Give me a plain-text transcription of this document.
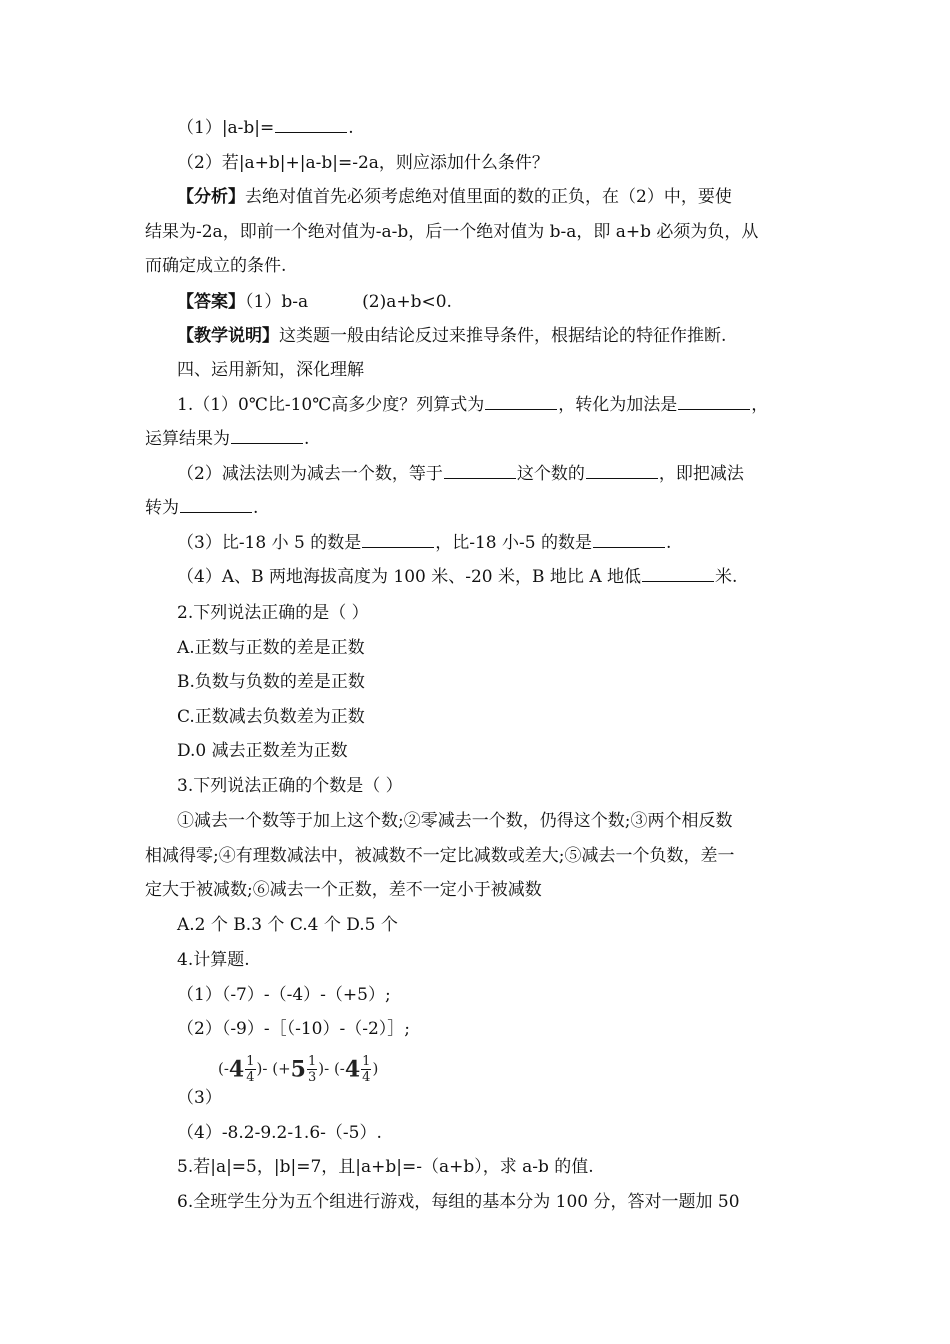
（1）|a-b|=	.
（2）若|a+b|+|a-b|=-2a，则应添加什么条件？
【分析】去绝对值首先必须考虑绝对值里面的数的正负，在（2）中，要使
结果为-2a，即前一个绝对值为-a-b，后一个绝对值为 b-a，即 a+b 必须为负，从
而确定成立的条件.
【答案】（1）b-a          (2)a+b<0.
【教学说明】这类题一般由结论反过来推导条件，根据结论的特征作推断.
四、运用新知，深化理解
1.（1）0℃比-10℃高多少度？列算式为	，转化为加法是	，
运算结果为	.
（2）减法法则为减去一个数，等于	这个数的	，即把减法
转为	.
（3）比-18 小 5 的数是	，比-18 小-5 的数是	.
（4）A、B 两地海拔高度为 100 米、-20 米，B 地比 A 地低	米.
2.下列说法正确的是（ ）
A.正数与正数的差是正数
B.负数与负数的差是正数
C.正数减去负数差为正数
D.0 减去正数差为正数
3.下列说法正确的个数是（ ）
①减去一个数等于加上这个数;②零减去一个数，仍得这个数;③两个相反数
相减得零;④有理数减法中，被减数不一定比减数或差大;⑤减去一个负数，差一
定大于被减数;⑥减去一个正数，差不一定小于被减数
A.2 个 B.3 个 C.4 个 D.5 个
4.计算题.
（1）（-7）-（-4）-（+5）;
（2）（-9）-［（-10）-（-2）］;
($-4 \frac{1}{4}$ )- ($+5 \frac{1}{3}$ )- ($-4 \frac{1}{4}$ )
（3）
（4）-8.2-9.2-1.6-（-5）.
5.若|a|=5，|b|=7，且|a+b|=-（a+b），求 a-b 的值.
6.全班学生分为五个组进行游戏，每组的基本分为 100 分，答对一题加 50
